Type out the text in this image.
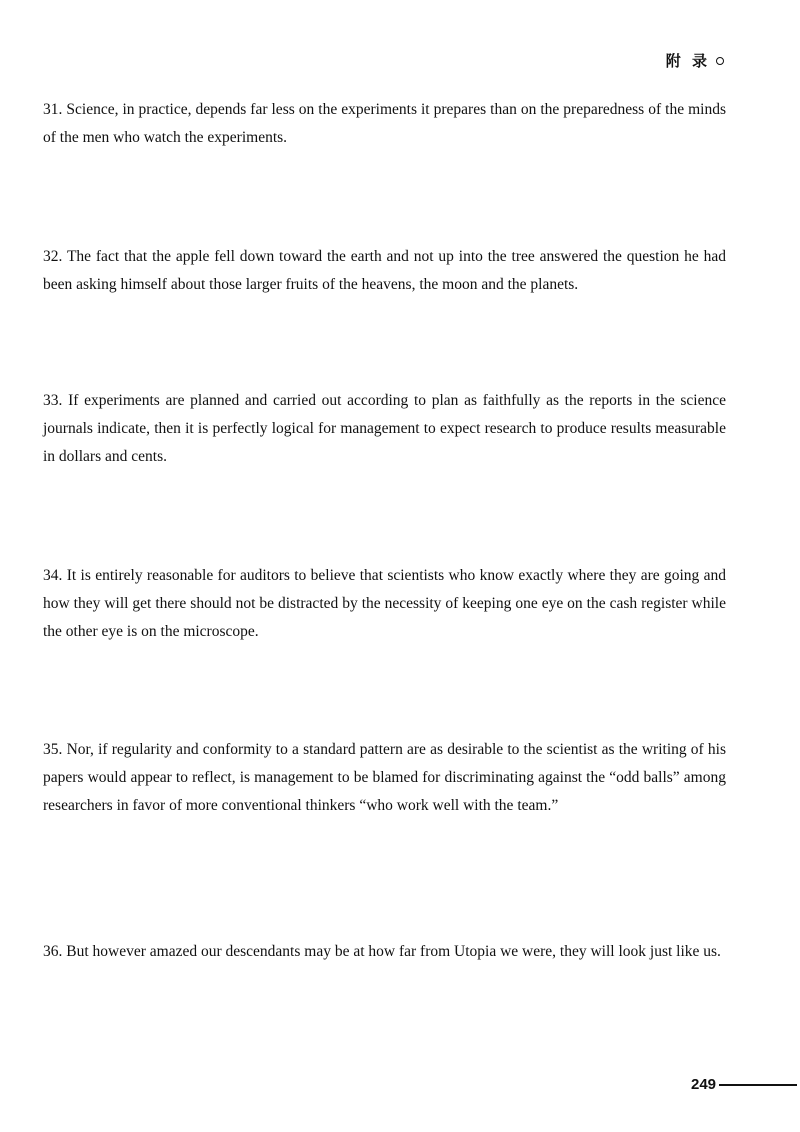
附 录

31. Science, in practice, depends far less on the experiments it prepares than on the preparedness of the minds of the men who watch the experiments.

32. The fact that the apple fell down toward the earth and not up into the tree answered the question he had been asking himself about those larger fruits of the heavens, the moon and the planets.

33. If experiments are planned and carried out according to plan as faithfully as the reports in the science journals indicate, then it is perfectly logical for management to expect research to produce results measurable in dollars and cents.

34. It is entirely reasonable for auditors to believe that scientists who know exactly where they are going and how they will get there should not be distracted by the necessity of keeping one eye on the cash register while the other eye is on the microscope.

35. Nor, if regularity and conformity to a standard pattern are as desirable to the scientist as the writing of his papers would appear to reflect, is management to be blamed for discriminating against the “odd balls” among researchers in favor of more conventional thinkers “who work well with the team.”

36. But however amazed our descendants may be at how far from Utopia we were, they will look just like us.

249
